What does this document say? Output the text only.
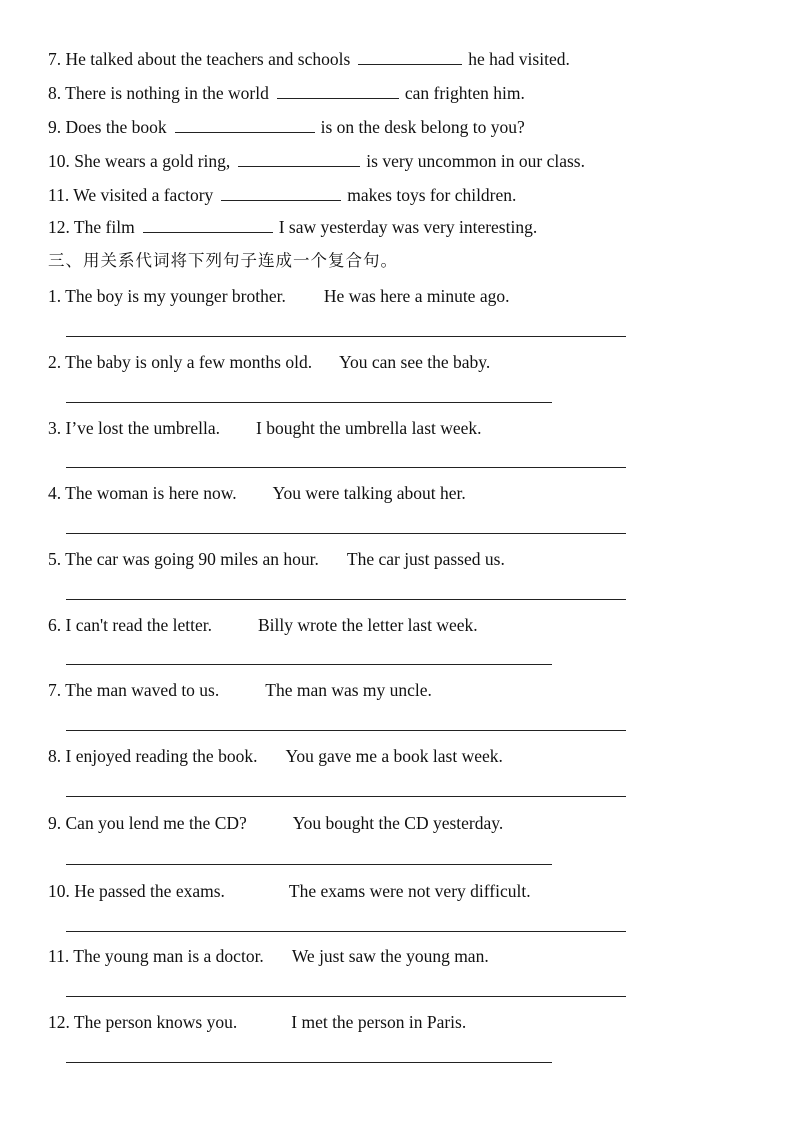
7. He talked about the teachers and schools	he had visited.
8. There is nothing in the world	can frighten him.
9. Does the book	is on the desk belong to you?
10. She wears a gold ring,	is very uncommon in our class.
11. We visited a factory	makes toys for children.
12. The film	I saw yesterday was very interesting.
三、用关系代词将下列句子连成一个复合句。
1. The boy is my younger brother. He was here a minute ago.
2. The baby is only a few months old. You can see the baby.
3. I’ve lost the umbrella. I bought the umbrella last week.
4. The woman is here now. You were talking about her.
5. The car was going 90 miles an hour. The car just passed us.
6. I can't read the letter.	Billy wrote the letter last week.
7. The man waved to us.	The man was my uncle.
8. I enjoyed reading the book. You gave me a book last week.
9. Can you lend me the CD?	You bought the CD yesterday.
10. He passed the exams.	The exams were not very difficult.
11. The young man is a doctor. We just saw the young man.
12. The person knows you.	I met the person in Paris.
